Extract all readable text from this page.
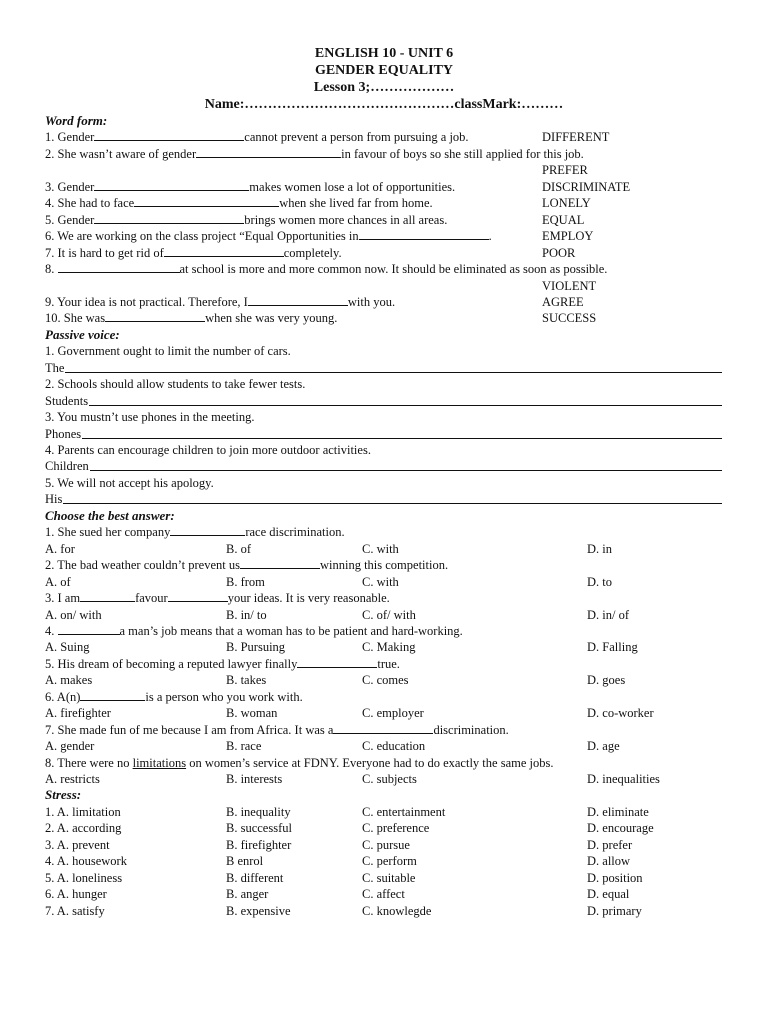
ENGLISH 10 - UNIT 6
GENDER EQUALITY
Lesson 3;………………
Name:………………………………………classMark:………
Word form:
1. Gender	cannot prevent a person from pursuing a job.	DIFFERENT
2. She wasn’t aware of gender	in favour of boys so she still applied for this job.
PREFER
3. Gender	makes women lose a lot of opportunities.	DISCRIMINATE
4. She had to face	when she lived far from home.	LONELY
5. Gender	brings women more chances in all areas.	EQUAL
6. We are working on the class project “Equal Opportunities in	.	EMPLOY
7. It is hard to get rid of	completely.	POOR
8.	at school is more and more common now. It should be eliminated as soon as possible.
VIOLENT
9. Your idea is not practical. Therefore, I	with you.	AGREE
10. She was	when she was very young.	SUCCESS
Passive voice:
1. Government ought to limit the number of cars.
The
2. Schools should allow students to take fewer tests.
Students
3. You mustn’t use phones in the meeting.
Phones
4. Parents can encourage children to join more outdoor activities.
Children
5. We will not accept his apology.
His
Choose the best answer:
1. She sued her company	race discrimination.
A. for	B. of	C. with	D. in
2. The bad weather couldn’t prevent us	winning this competition.
A. of	B. from	C. with	D. to
3. I am	favour	your ideas. It is very reasonable.
A. on/ with	B. in/ to	C. of/ with	D. in/ of
4.	a man’s job means that a woman has to be patient and hard-working.
A. Suing	B. Pursuing	C. Making	D. Falling
5. His dream of becoming a reputed lawyer finally	true.
A. makes	B. takes	C. comes	D. goes
6. A(n)	is a person who you work with.
A. firefighter	B. woman	C. employer	D. co-worker
7. She made fun of me because I am from Africa. It was a	discrimination.
A. gender	B. race	C. education	D. age
8. There were no limitations on women’s service at FDNY. Everyone had to do exactly the same jobs.
A. restricts	B. interests	C. subjects	D. inequalities
Stress:
1. A. limitation	B. inequality	C. entertainment	D. eliminate
2. A. according	B. successful	C. preference	D. encourage
3. A. prevent	B. firefighter	C. pursue	D. prefer
4. A. housework	B enrol	C. perform	D. allow
5. A. loneliness	B. different	C. suitable	D. position
6. A. hunger	B. anger	C. affect	D. equal
7. A. satisfy	B. expensive	C. knowlegde	D. primary
